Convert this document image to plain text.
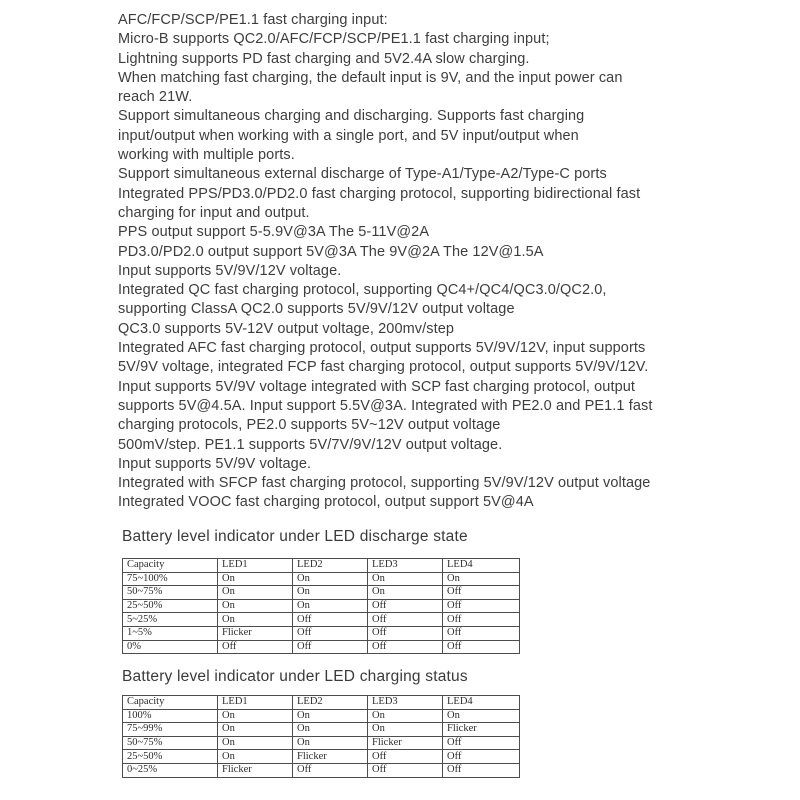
AFC/FCP/SCP/PE1.1 fast charging input:
Micro-B supports QC2.0/AFC/FCP/SCP/PE1.1 fast charging input;
Lightning supports PD fast charging and 5V2.4A slow charging.
When matching fast charging, the default input is 9V, and the input power can
reach 21W.
Support simultaneous charging and discharging. Supports fast charging
input/output when working with a single port, and 5V input/output when
working with multiple ports.
Support simultaneous external discharge of Type-A1/Type-A2/Type-C ports
Integrated PPS/PD3.0/PD2.0 fast charging protocol, supporting bidirectional fast
charging for input and output.
PPS output support 5-5.9V@3A The 5-11V@2A
PD3.0/PD2.0 output support 5V@3A The 9V@2A The 12V@1.5A
Input supports 5V/9V/12V voltage.
Integrated QC fast charging protocol, supporting QC4+/QC4/QC3.0/QC2.0,
supporting ClassA QC2.0 supports 5V/9V/12V output voltage
QC3.0 supports 5V-12V output voltage, 200mv/step
Integrated AFC fast charging protocol, output supports 5V/9V/12V, input supports
5V/9V voltage, integrated FCP fast charging protocol, output supports 5V/9V/12V.
Input supports 5V/9V voltage integrated with SCP fast charging protocol, output
supports 5V@4.5A. Input support 5.5V@3A. Integrated with PE2.0 and PE1.1 fast
charging protocols, PE2.0 supports 5V~12V output voltage
500mV/step. PE1.1 supports 5V/7V/9V/12V output voltage.
Input supports 5V/9V voltage.
Integrated with SFCP fast charging protocol, supporting 5V/9V/12V output voltage
Integrated VOOC fast charging protocol, output support 5V@4A
Battery level indicator under LED discharge state
Capacity	LED1	LED2	LED3	LED4
75~100%	On	On	On	On
50~75%	On	On	On	Off
25~50%	On	On	Off	Off
5~25%	On	Off	Off	Off
1~5%	Flicker	Off	Off	Off
0%	Off	Off	Off	Off
Battery level indicator under LED charging status
Capacity	LED1	LED2	LED3	LED4
100%	On	On	On	On
75~99%	On	On	On	Flicker
50~75%	On	On	Flicker	Off
25~50%	On	Flicker	Off	Off
0~25%	Flicker	Off	Off	Off
